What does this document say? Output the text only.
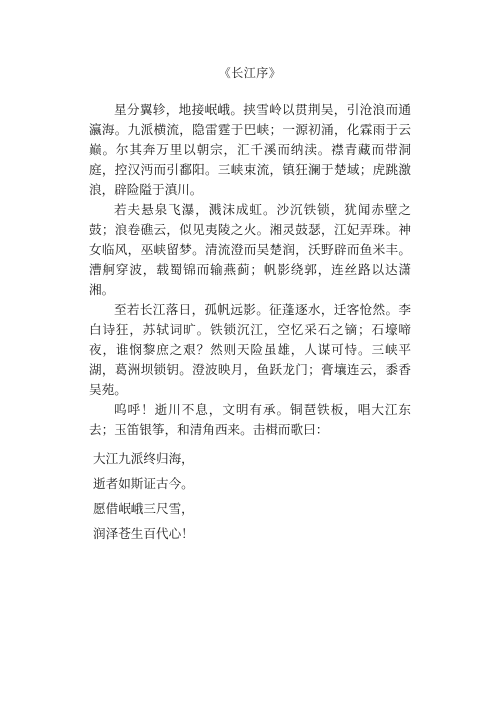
《长江序》

星分翼轸，地接岷峨。挟雪岭以贯荆吴，引沧浪而通瀛海。九派横流，隐雷霆于巴峡；一源初涌，化霖雨于云巅。尔其奔万里以朝宗，汇千溪而纳渎。襟青藏而带洞庭，控汉沔而引鄱阳。三峡束流，镇狂澜于楚域；虎跳激浪，辟险隘于滇川。

若夫悬泉飞瀑，溅沫成虹。沙沉铁锁，犹闻赤壁之鼓；浪卷礁云，似见夷陵之火。湘灵鼓瑟，江妃弄珠。神女临风，巫峡留梦。清流澄而吴楚润，沃野辟而鱼米丰。漕舸穿波，载蜀锦而输燕蓟；帆影绕郭，连丝路以达潇湘。

至若长江落日，孤帆远影。征蓬逐水，迁客怆然。李白诗狂，苏轼词旷。铁锁沉江，空忆采石之镝；石壕啼夜，谁悯黎庶之艰？然则天险虽雄，人谋可恃。三峡平湖，葛洲坝锁钥。澄波映月，鱼跃龙门；膏壤连云，黍香吴苑。

呜呼！逝川不息，文明有承。铜琶铁板，唱大江东去；玉笛银筝，和清角西来。击楫而歌曰：

大江九派终归海，
逝者如斯证古今。
愿借岷峨三尺雪，
润泽苍生百代心！
